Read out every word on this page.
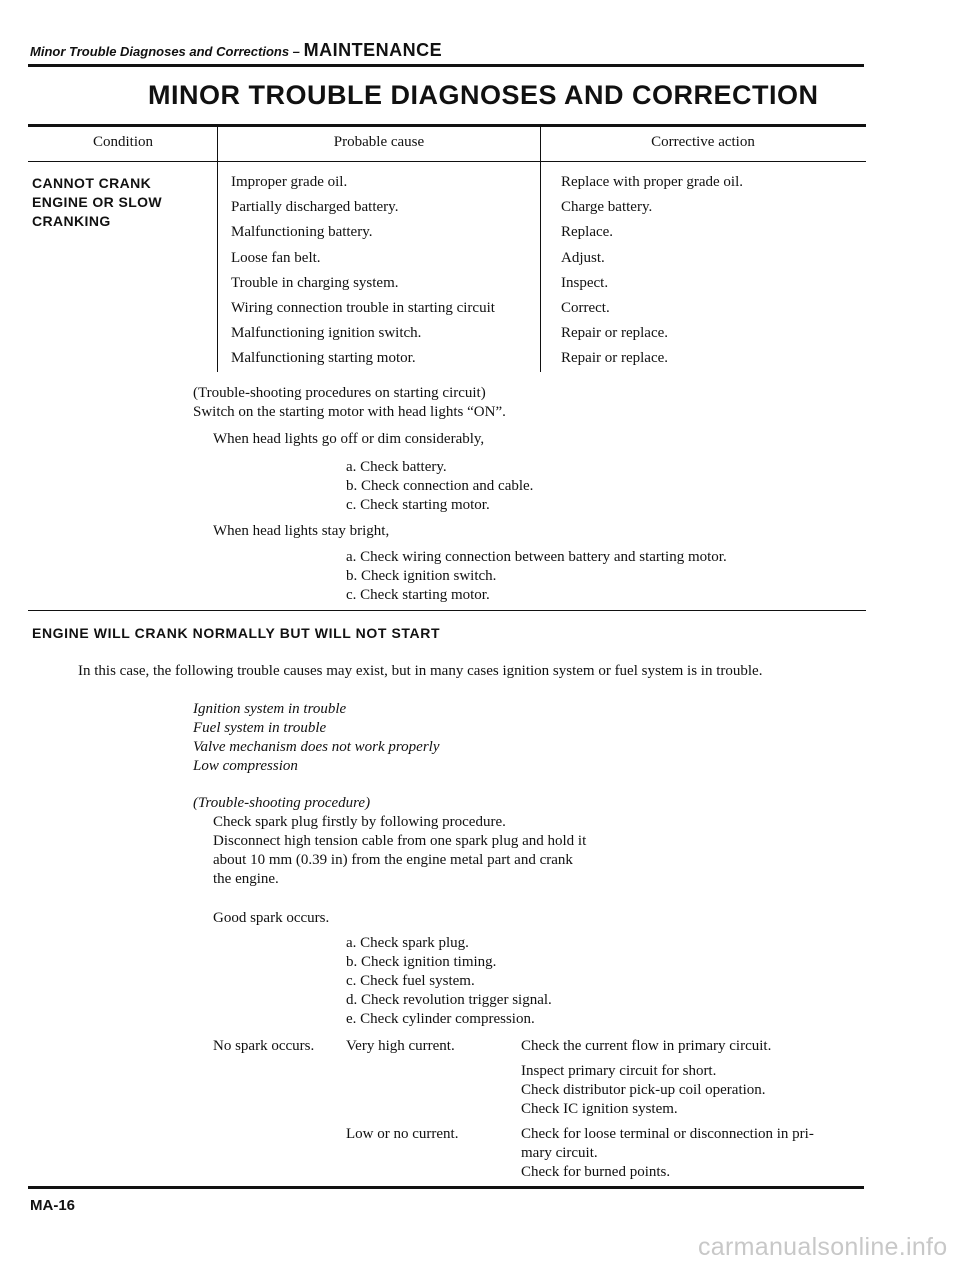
Minor Trouble Diagnoses and Corrections – MAINTENANCE
MINOR TROUBLE DIAGNOSES AND CORRECTION
Condition	Probable cause	Corrective action
CANNOT CRANK
ENGINE OR SLOW
CRANKING
Improper grade oil.	Replace with proper grade oil.
Partially discharged battery.	Charge battery.
Malfunctioning battery.	Replace.
Loose fan belt.	Adjust.
Trouble in charging system.	Inspect.
Wiring connection trouble in starting circuit	Correct.
Malfunctioning ignition switch.	Repair or replace.
Malfunctioning starting motor.	Repair or replace.
(Trouble-shooting procedures on starting circuit)
Switch on the starting motor with head lights “ON”.
When head lights go off or dim considerably,
a. Check battery.
b. Check connection and cable.
c. Check starting motor.
When head lights stay bright,
a. Check wiring connection between battery and starting motor.
b. Check ignition switch.
c. Check starting motor.
ENGINE WILL CRANK NORMALLY BUT WILL NOT START
In this case, the following trouble causes may exist, but in many cases ignition system or fuel system is in trouble.
Ignition system in trouble
Fuel system in trouble
Valve mechanism does not work properly
Low compression
(Trouble-shooting procedure)
Check spark plug firstly by following procedure.
Disconnect high tension cable from one spark plug and hold it
about 10 mm (0.39 in) from the engine metal part and crank
the engine.
Good spark occurs.
a. Check spark plug.
b. Check ignition timing.
c. Check fuel system.
d. Check revolution trigger signal.
e. Check cylinder compression.
No spark occurs. Very high current.	Check the current flow in primary circuit.
Inspect primary circuit for short.
Check distributor pick-up coil operation.
Check IC ignition system.
Low or no current.	Check for loose terminal or disconnection in pri-
mary circuit.
Check for burned points.
MA-16
carmanualsonline.info
